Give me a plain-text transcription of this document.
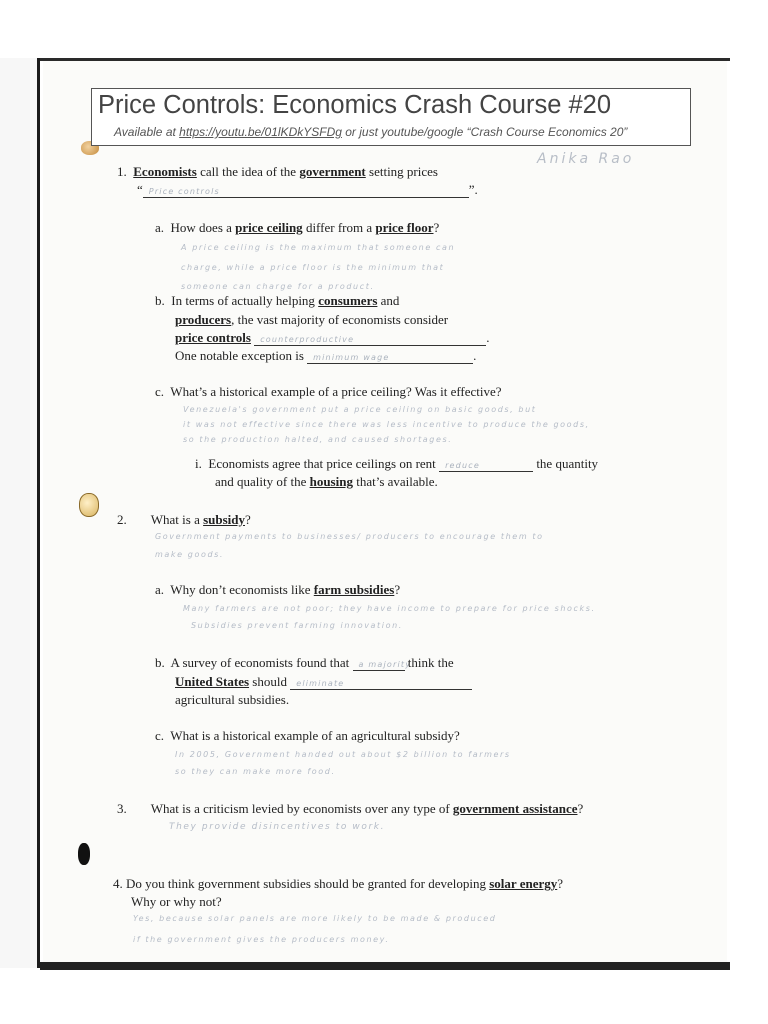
Price Controls: Economics Crash Course #20
Available at https://youtu.be/01lKDkYSFDg or just youtube/google “Crash Course Economics 20”
Anika Rao
1. Economists call the idea of the government setting prices
“ Price controls	”.
a. How does a price ceiling differ from a price floor?
A price ceiling is the maximum that someone can
charge, while a price floor is the minimum that
someone can charge for a product.
b. In terms of actually helping consumers and
producers, the vast majority of economists consider
price controls counterproductive	.
One notable exception is minimum wage	.
c. What’s a historical example of a price ceiling? Was it effective?
Venezuela's government put a price ceiling on basic goods, but
it was not effective since there was less incentive to produce the goods,
so the production halted, and caused shortages.
i. Economists agree that price ceilings on rent reduce	the quantity
and quality of the housing that’s available.
2. What is a subsidy?
Government payments to businesses/ producers to encourage them to
make goods.
a. Why don’t economists like farm subsidies?
Many farmers are not poor; they have income to prepare for price shocks.
Subsidies prevent farming innovation.
b. A survey of economists found that a majority think the
United States should eliminate
agricultural subsidies.
c. What is a historical example of an agricultural subsidy?
In 2005, Government handed out about $2 billion to farmers
so they can make more food.
3. What is a criticism levied by economists over any type of government assistance?
They provide disincentives to work.
4. Do you think government subsidies should be granted for developing solar energy?
Why or why not?
Yes, because solar panels are more likely to be made & produced
if the government gives the producers money.
